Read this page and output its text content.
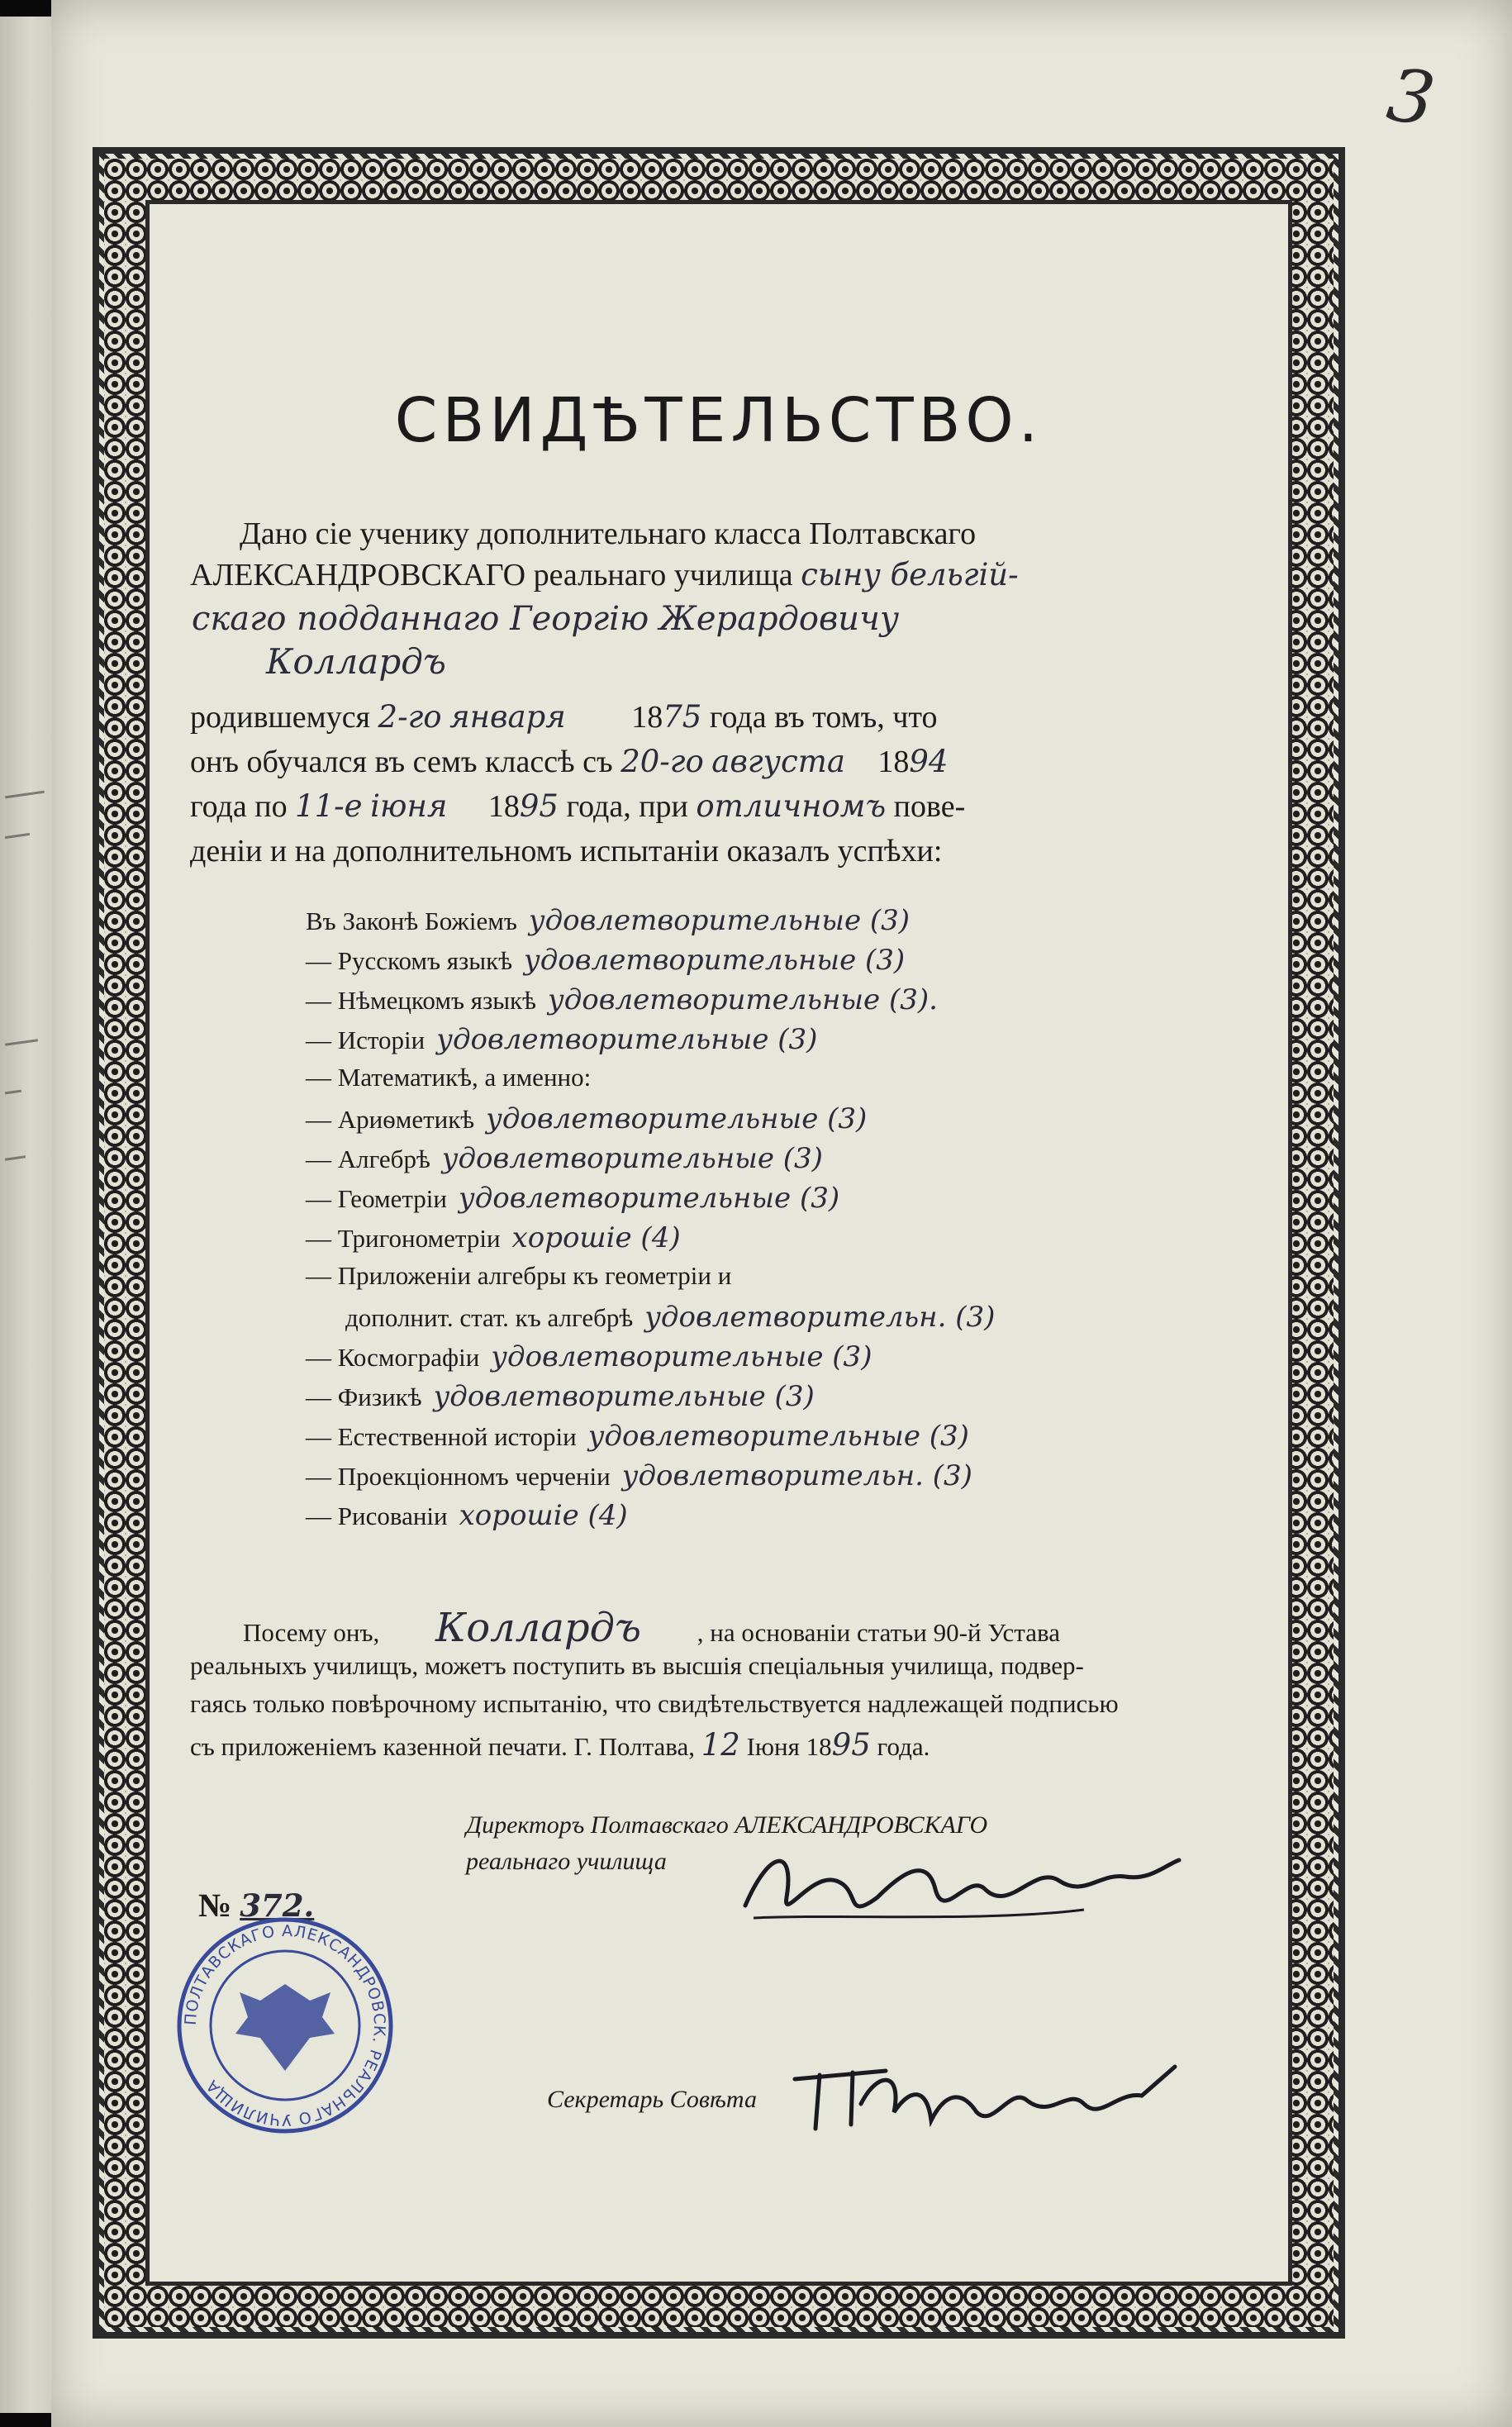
3
СВИДѢТЕЛЬСТВО.
Дано сіе ученику дополнительнаго класса Полтавскаго
АЛЕКСАНДРОВСКАГО реальнаго училища сыну бельгій-
скаго подданнаго Георгію Жерардовичу
Коллардъ
родившемуся 2-го января 1875 года въ томъ, что
онъ обучался въ семъ классѣ съ 20-го августа 1894
года по 11-е іюня 1895 года, при отличномъ пове-
деніи и на дополнительномъ испытаніи оказалъ успѣхи:
Въ Законѣ Божіемъ удовлетворительные (3)
— Русскомъ языкѣ удовлетворительные (3)
— Нѣмецкомъ языкѣ удовлетворительные (3).
— Исторіи удовлетворительные (3)
— Математикѣ, а именно:
— Ариѳметикѣ удовлетворительные (3)
— Алгебрѣ удовлетворительные (3)
— Геометріи удовлетворительные (3)
— Тригонометріи хорошіе (4)
— Приложеніи алгебры къ геометріи и
дополнит. стат. къ алгебрѣ удовлетворительн. (3)
— Космографіи удовлетворительные (3)
— Физикѣ удовлетворительные (3)
— Естественной исторіи удовлетворительные (3)
— Проекціонномъ черченіи удовлетворительн. (3)
— Рисованіи хорошіе (4)
Посему онъ, Коллардъ , на основаніи статьи 90-й Устава
реальныхъ училищъ, можетъ поступить въ высшія спеціальныя училища, подвер-
гаясь только повѣрочному испытанію, что свидѣтельствуется надлежащей подписью
съ приложеніемъ казенной печати. Г. Полтава, 12 Іюня 1895 года.
Директоръ Полтавскаго АЛЕКСАНДРОВСКАГО
реальнаго училища
№ 372.
ПОЛТАВСКАГО АЛЕКСАНДРОВСК. РЕАЛЬНАГО УЧИЛИЩА	Секретарь Совѣта
